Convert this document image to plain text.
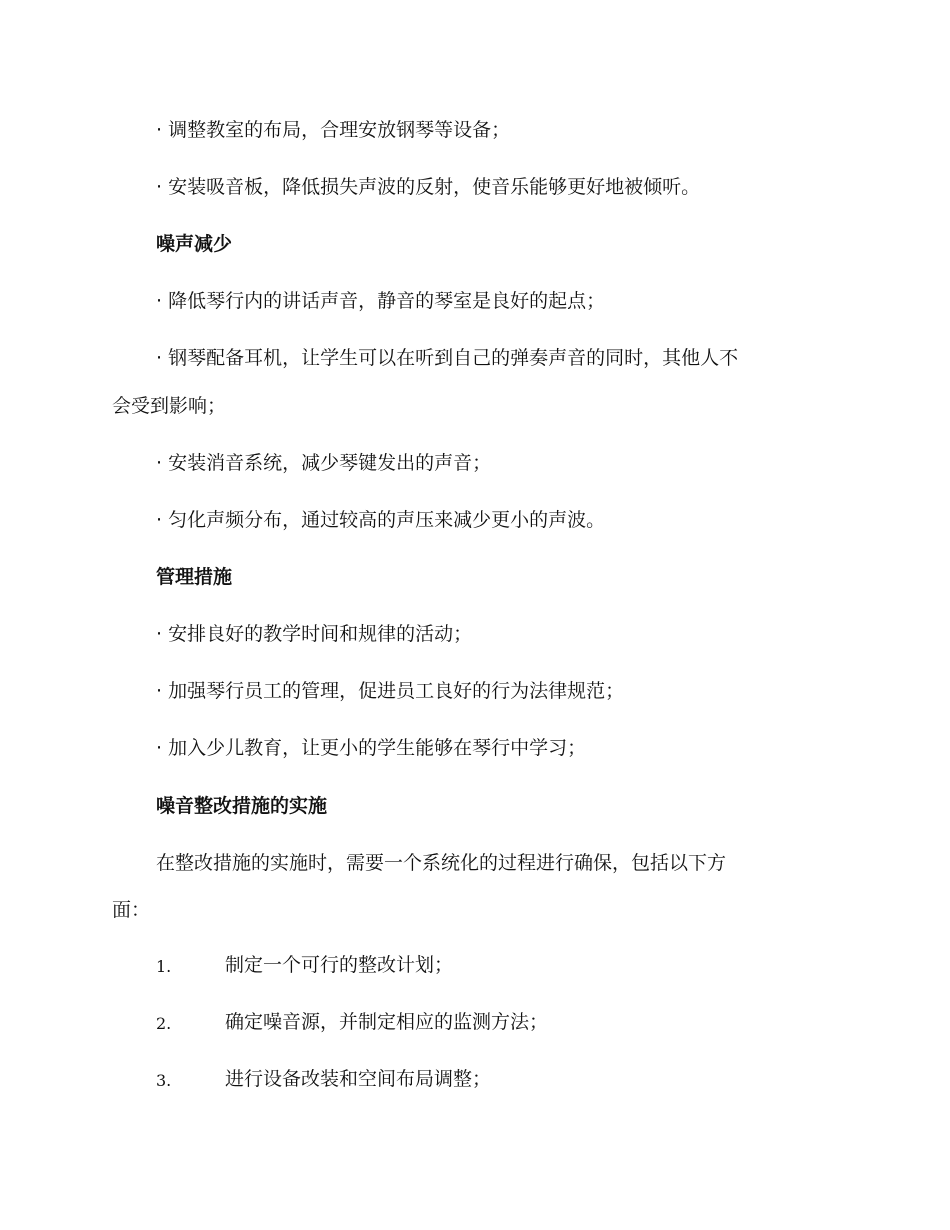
· 调整教室的布局，合理安放钢琴等设备；
· 安装吸音板，降低损失声波的反射，使音乐能够更好地被倾听。
噪声减少
· 降低琴行内的讲话声音，静音的琴室是良好的起点；
· 钢琴配备耳机，让学生可以在听到自己的弹奏声音的同时，其他人不
会受到影响；
· 安装消音系统，减少琴键发出的声音；
· 匀化声频分布，通过较高的声压来减少更小的声波。
管理措施
· 安排良好的教学时间和规律的活动；
· 加强琴行员工的管理，促进员工良好的行为法律规范；
· 加入少儿教育，让更小的学生能够在琴行中学习；
噪音整改措施的实施
在整改措施的实施时，需要一个系统化的过程进行确保，包括以下方
面：
1.	制定一个可行的整改计划；
2.	确定噪音源，并制定相应的监测方法；
3.	进行设备改装和空间布局调整；
